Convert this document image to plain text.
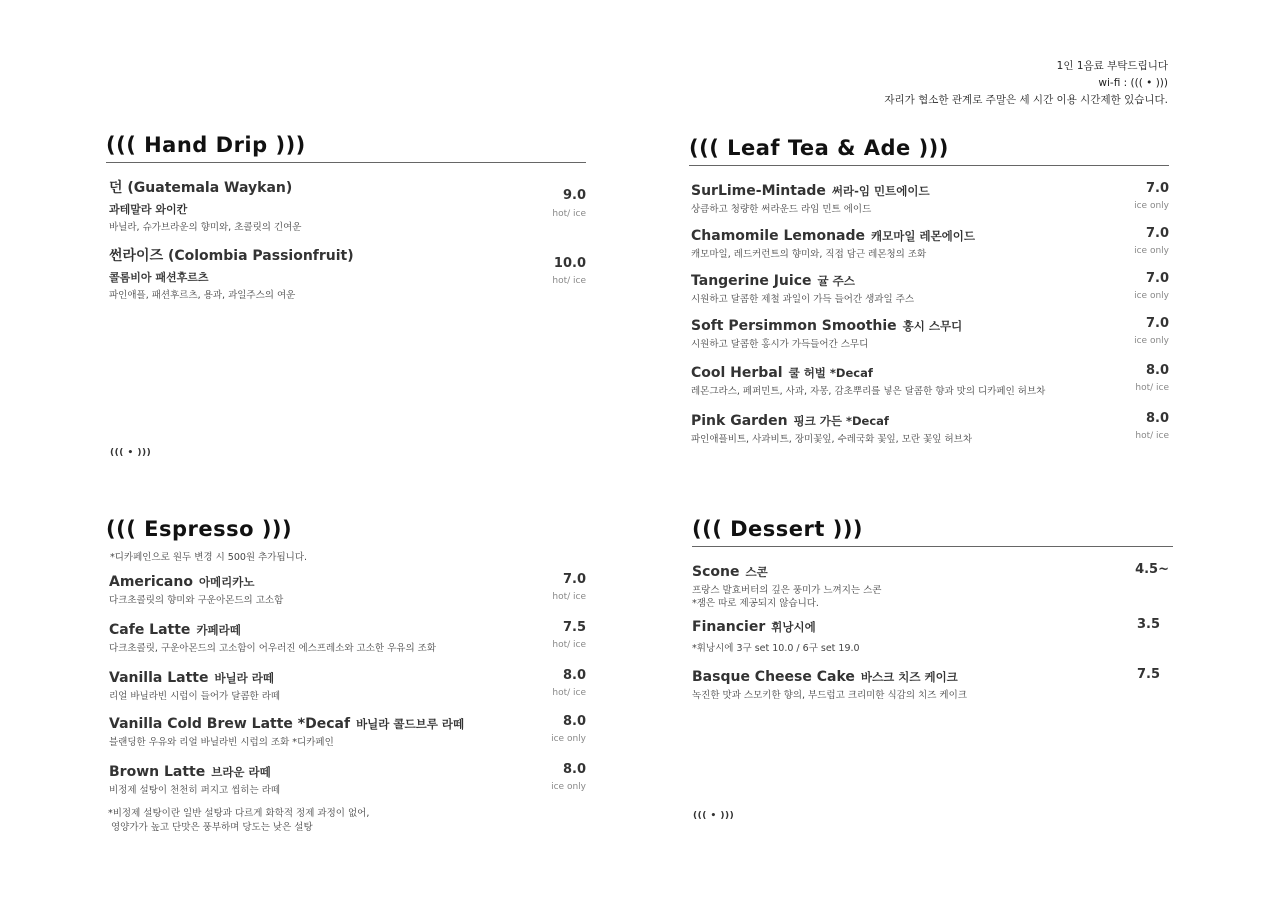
1인 1음료 부탁드립니다
wi-fi : ((( • )))
자리가 협소한 관계로 주말은 세 시간 이용 시간제한 있습니다.
((( Hand Drip )))
던 (Guatemala Waykan)
과테말라 와이칸
바닐라, 슈가브라운의 향미와, 초콜릿의 긴여운
9.0
hot/ ice
썬라이즈 (Colombia Passionfruit)
콜롬비아 패션후르츠
파인애플, 패션후르츠, 용과, 과일주스의 여운
10.0
hot/ ice
((( • )))
((( Leaf Tea & Ade )))
SurLime-Mintade 써라-임 민트에이드
상큼하고 청량한 써라운드 라임 민트 에이드
7.0
ice only
Chamomile Lemonade 캐모마일 레몬에이드
캐모마일, 레드커런트의 향미와, 직접 담근 레몬청의 조화
7.0
ice only
Tangerine Juice 귤 주스
시원하고 달콤한 제철 과일이 가득 들어간 생과일 주스
7.0
ice only
Soft Persimmon Smoothie 홍시 스무디
시원하고 달콤한 홍시가 가득들어간 스무디
7.0
ice only
Cool Herbal 쿨 허벌 *Decaf
레몬그라스, 페퍼민트, 사과, 자몽, 감초뿌리를 넣은 달콤한 향과 맛의 디카페인 허브차
8.0
hot/ ice
Pink Garden 핑크 가든 *Decaf
파인애플비트, 사과비트, 장미꽃잎, 수레국화 꽃잎, 모란 꽃잎 허브차
8.0
hot/ ice
((( Espresso )))
*디카페인으로 원두 변경 시 500원 추가됩니다.
Americano 아메리카노
다크초콜릿의 향미와 구운아몬드의 고소함
7.0
hot/ ice
Cafe Latte 카페라떼
다크초콜릿, 구운아몬드의 고소함이 어우러진 에스프레소와 고소한 우유의 조화
7.5
hot/ ice
Vanilla Latte 바닐라 라떼
리얼 바닐라빈 시럽이 들어가 달콤한 라떼
8.0
hot/ ice
Vanilla Cold Brew Latte *Decaf 바닐라 콜드브루 라떼
블랜딩한 우유와 리얼 바닐라빈 시럽의 조화 *디카페인
8.0
ice only
Brown Latte 브라운 라떼
비정제 설탕이 천천히 퍼지고 씹히는 라떼
8.0
ice only
*비정제 설탕이란 일반 설탕과 다르게 화학적 정제 과정이 없어,
영양가가 높고 단맛은 풍부하며 당도는 낮은 설탕
((( Dessert )))
Scone 스콘
프랑스 발효버터의 깊은 풍미가 느껴지는 스콘
*잼은 따로 제공되지 않습니다.
4.5~
Financier 휘낭시에
*휘낭시에 3구 set 10.0 / 6구 set 19.0
3.5
Basque Cheese Cake 바스크 치즈 케이크
녹진한 맛과 스모키한 향의, 부드럽고 크리미한 식감의 치즈 케이크
7.5
((( • )))
